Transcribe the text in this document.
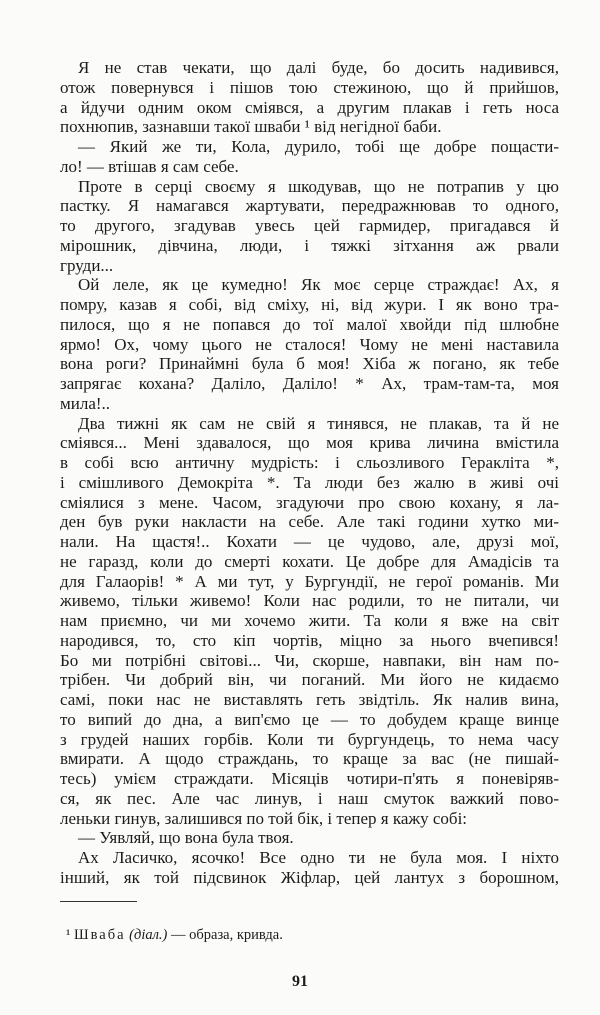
Я не став чекати, що далі буде, бо досить надивився,
отож повернувся і пішов тою стежиною, що й прийшов,
а йдучи одним оком сміявся, а другим плакав і геть носа
похнюпив, зазнавши такої шваби ¹ від негідної баби.
— Який же ти, Кола, дурило, тобі ще добре пощасти-
ло! — втішав я сам себе.
Проте в серці своєму я шкодував, що не потрапив у цю
пастку. Я намагався жартувати, передражнював то одного,
то другого, згадував увесь цей гармидер, пригадався й
мірошник, дівчина, люди, і тяжкі зітхання аж рвали
груди...
Ой леле, як це кумедно! Як моє серце страждає! Ах, я
помру, казав я собі, від сміху, ні, від жури. І як воно тра-
пилося, що я не попався до тої малої хвойди під шлюбне
ярмо! Ох, чому цього не сталося! Чому не мені наставила
вона роги? Принаймні була б моя! Хіба ж погано, як тебе
запрягає кохана? Даліло, Даліло! * Ах, трам-там-та, моя
мила!..
Два тижні як сам не свій я тинявся, не плакав, та й не
сміявся... Мені здавалося, що моя крива личина вмістила
в собі всю античну мудрість: і сльозливого Геракліта *,
і смішливого Демокріта *. Та люди без жалю в живі очі
сміялися з мене. Часом, згадуючи про свою кохану, я ла-
ден був руки накласти на себе. Але такі години хутко ми-
нали. На щастя!.. Кохати — це чудово, але, друзі мої,
не гаразд, коли до смерті кохати. Це добре для Амадісів та
для Галаорів! * А ми тут, у Бургундії, не герої романів. Ми
живемо, тільки живемо! Коли нас родили, то не питали, чи
нам приємно, чи ми хочемо жити. Та коли я вже на світ
народився, то, сто кіп чортів, міцно за нього вчепився!
Бо ми потрібні світові... Чи, скорше, навпаки, він нам по-
трібен. Чи добрий він, чи поганий. Ми його не кидаємо
самі, поки нас не виставлять геть звідтіль. Як налив вина,
то випий до дна, а вип'ємо це — то добудем краще винце
з грудей наших горбів. Коли ти бургундець, то нема часу
вмирати. А щодо страждань, то краще за вас (не пишай-
тесь) умієм страждати. Місяців чотири-п'ять я поневіряв-
ся, як пес. Але час линув, і наш смуток важкий пово-
леньки гинув, залишився по той бік, і тепер я кажу собі:
— Уявляй, що вона була твоя.
Ах Ласичко, ясочко! Все одно ти не була моя. І ніхто
інший, як той підсвинок Жіфлар, цей лантух з борошном,
¹ Шваба (діал.) — образа, кривда.
91
